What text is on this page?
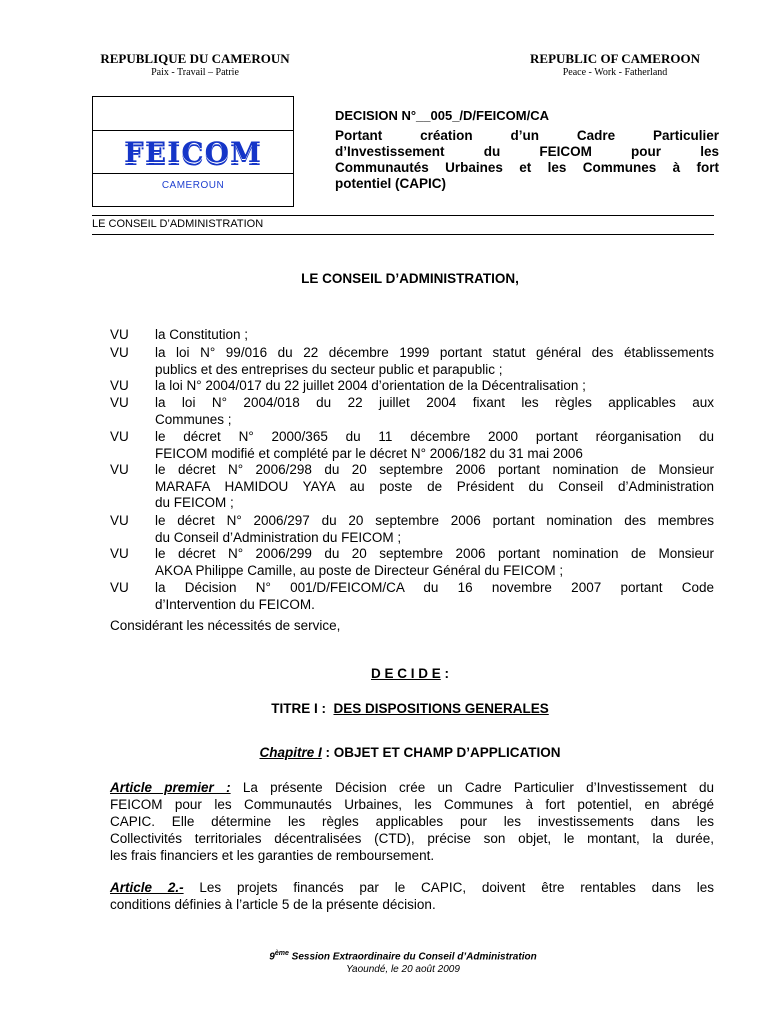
REPUBLIQUE DU CAMEROUN
Paix - Travail – Patrie
REPUBLIC OF CAMEROON
Peace - Work - Fatherland
FEICOM
CAMEROUN
DECISION N°__005_/D/FEICOM/CA
Portant création d’un Cadre Particulier
d’Investissement du FEICOM pour les
Communautés Urbaines et les Communes à fort
potentiel (CAPIC)
LE CONSEIL D’ADMINISTRATION
LE CONSEIL D’ADMINISTRATION,
VU la Constitution ;
VU la loi N° 99/016 du 22 décembre 1999 portant statut général des établissements
publics et des entreprises du secteur public et parapublic ;
VU la loi N° 2004/017 du 22 juillet 2004 d’orientation de la Décentralisation ;
VU la loi N° 2004/018 du 22 juillet 2004 fixant les règles applicables aux
Communes ;
VU le décret N° 2000/365 du 11 décembre 2000 portant réorganisation du
FEICOM modifié et complété par le décret N° 2006/182 du 31 mai 2006
VU le décret N° 2006/298 du 20 septembre 2006 portant nomination de Monsieur
MARAFA HAMIDOU YAYA au poste de Président du Conseil d’Administration
du FEICOM ;
VU le décret N° 2006/297 du 20 septembre 2006 portant nomination des membres
du Conseil d’Administration du FEICOM ;
VU le décret N° 2006/299 du 20 septembre 2006 portant nomination de Monsieur
AKOA Philippe Camille, au poste de Directeur Général du FEICOM ;
VU la Décision N° 001/D/FEICOM/CA du 16 novembre 2007 portant Code
d’Intervention du FEICOM.
Considérant les nécessités de service,
D E C I D E :
TITRE I : DES DISPOSITIONS GENERALES
Chapitre I : OBJET ET CHAMP D’APPLICATION
Article premier : La présente Décision crée un Cadre Particulier d’Investissement du
FEICOM pour les Communautés Urbaines, les Communes à fort potentiel, en abrégé
CAPIC. Elle détermine les règles applicables pour les investissements dans les
Collectivités territoriales décentralisées (CTD), précise son objet, le montant, la durée,
les frais financiers et les garanties de remboursement.
Article 2.- Les projets financés par le CAPIC, doivent être rentables dans les
conditions définies à l’article 5 de la présente décision.
9ème Session Extraordinaire du Conseil d’Administration
Yaoundé, le 20 août 2009
